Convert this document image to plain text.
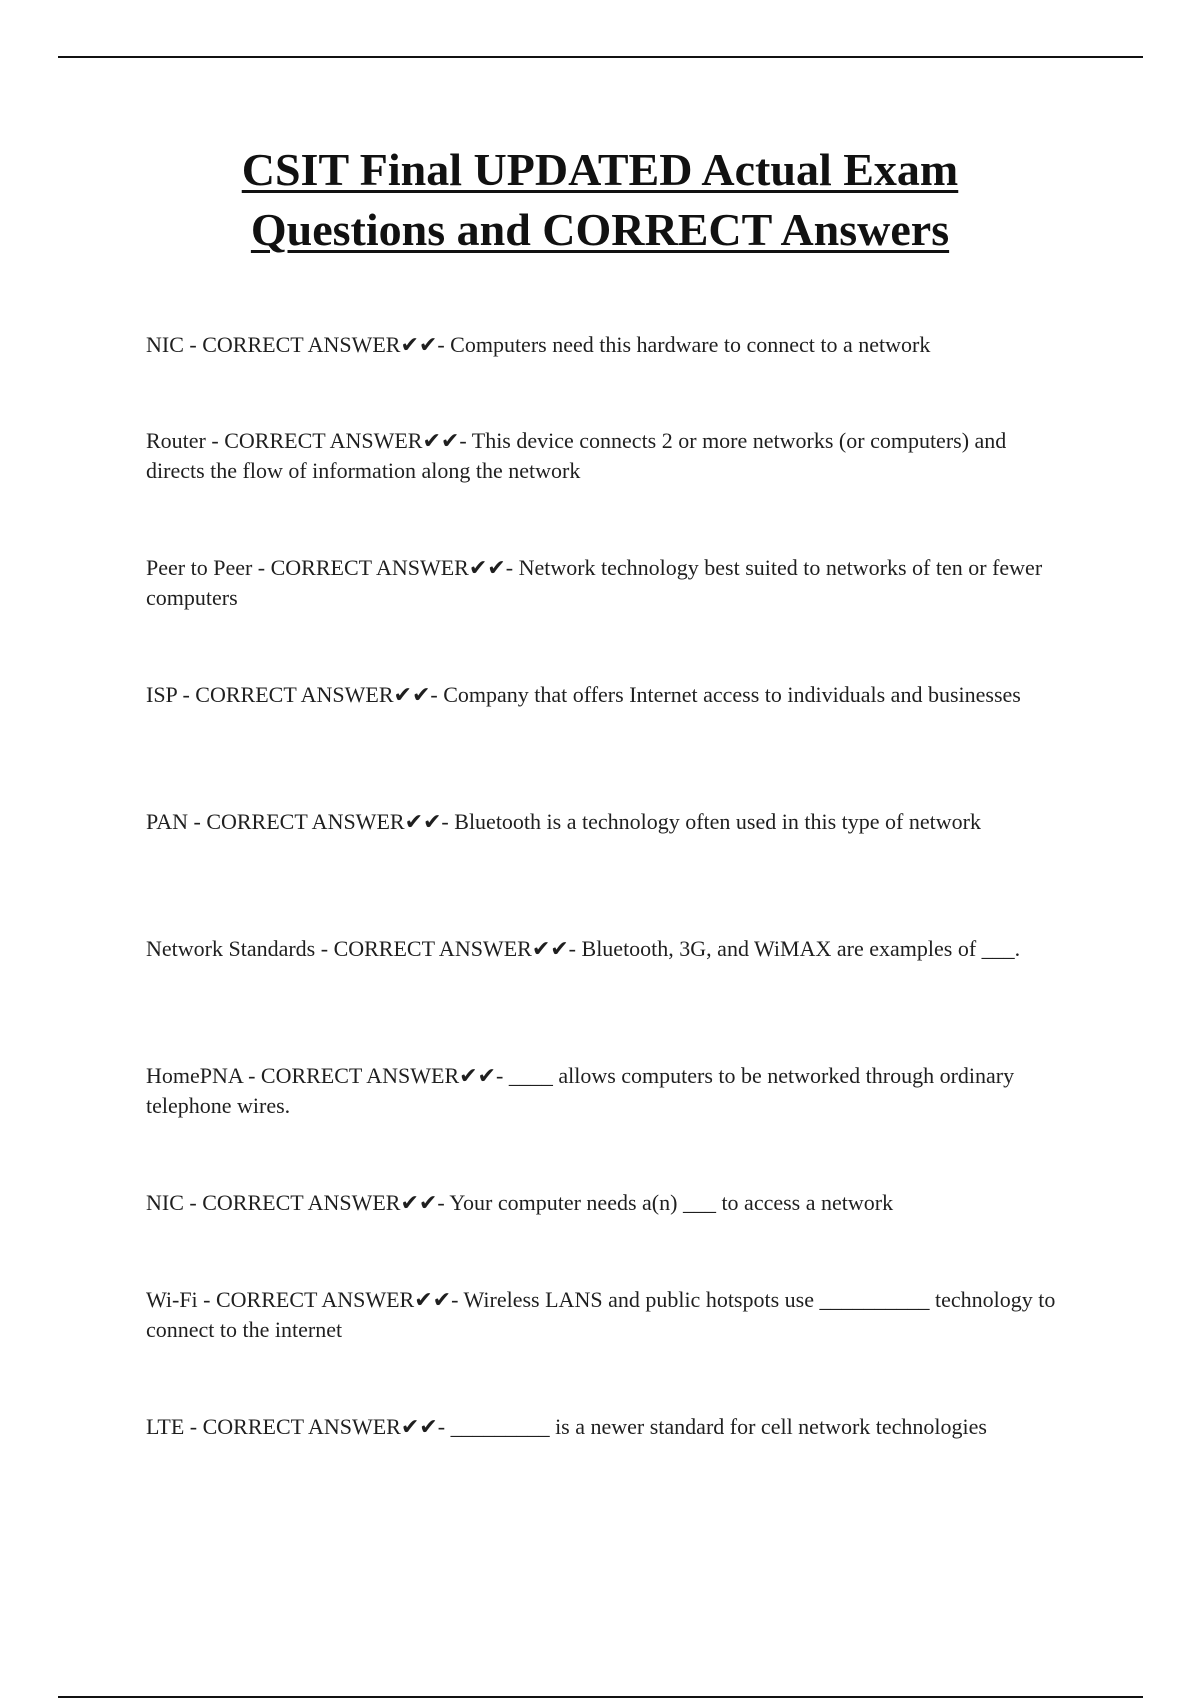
CSIT Final UPDATED Actual Exam
Questions and CORRECT Answers

NIC - CORRECT ANSWER✔✔- Computers need this hardware to connect to a network

Router - CORRECT ANSWER✔✔- This device connects 2 or more networks (or computers) and directs the flow of information along the network

Peer to Peer - CORRECT ANSWER✔✔- Network technology best suited to networks of ten or fewer computers

ISP - CORRECT ANSWER✔✔- Company that offers Internet access to individuals and businesses

PAN - CORRECT ANSWER✔✔- Bluetooth is a technology often used in this type of network

Network Standards - CORRECT ANSWER✔✔- Bluetooth, 3G, and WiMAX are examples of ___.

HomePNA - CORRECT ANSWER✔✔- ____ allows computers to be networked through ordinary telephone wires.

NIC - CORRECT ANSWER✔✔- Your computer needs a(n) ___ to access a network

Wi-Fi - CORRECT ANSWER✔✔- Wireless LANS and public hotspots use __________ technology to connect to the internet

LTE - CORRECT ANSWER✔✔- _________ is a newer standard for cell network technologies
